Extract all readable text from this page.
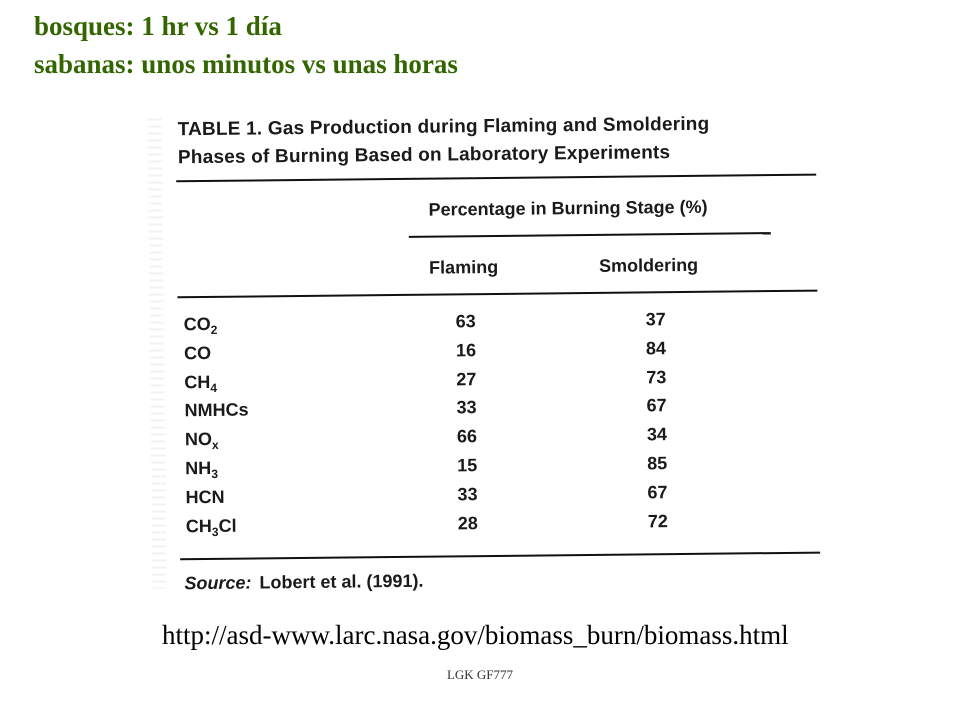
bosques: 1 hr vs 1 día

sabanas: unos minutos vs unas horas

TABLE 1. Gas Production during Flaming and Smoldering
Phases of Burning Based on Laboratory Experiments
Percentage in Burning Stage (%)
Flaming	Smoldering
$CO_2$	63	37
CO	16	84
$CH_4$	27	73
NMHCs	33	67
$NO_x$	66	34
$NH_3$	15	85
HCN	33	67
$CH_3Cl$	28	72
Source: Lobert et al. (1991).
http://asd-www.larc.nasa.gov/biomass_burn/biomass.html
LGK GF777
